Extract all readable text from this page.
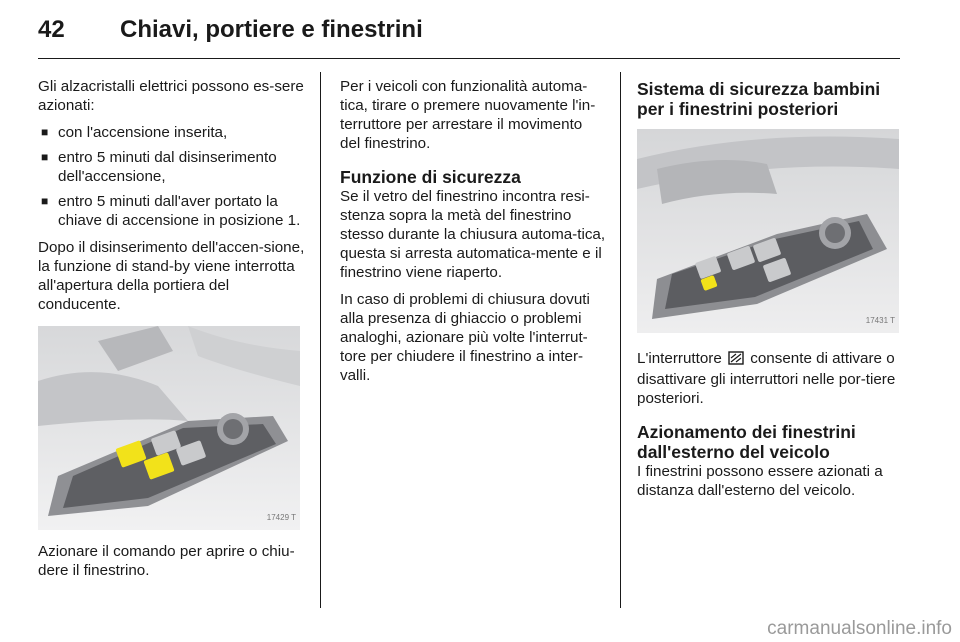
42 Chiavi, portiere e finestrini

Gli alzacristalli elettrici possono es-sere azionati:

■ con l'accensione inserita,
■ entro 5 minuti dal disinserimento dell'accensione,
■ entro 5 minuti dall'aver portato la chiave di accensione in posizione 1.

Dopo il disinserimento dell'accen-sione, la funzione di stand-by viene interrotta all'apertura della portiera del conducente.

17429 T

Azionare il comando per aprire o chiu-dere il finestrino.

Per i veicoli con funzionalità automa-tica, tirare o premere nuovamente l'in-terruttore per arrestare il movimento del finestrino.

Funzione di sicurezza

Se il vetro del finestrino incontra resi-stenza sopra la metà del finestrino stesso durante la chiusura automa-tica, questa si arresta automatica-mente e il finestrino viene riaperto.

In caso di problemi di chiusura dovuti alla presenza di ghiaccio o problemi analoghi, azionare più volte l'interrut-tore per chiudere il finestrino a inter-valli.

Sistema di sicurezza bambini per i finestrini posteriori
17431 T

L'interruttore consente di attivare o disattivare gli interruttori nelle por-tiere posteriori.

Azionamento dei finestrini dall'esterno del veicolo

I finestrini possono essere azionati a distanza dall'esterno del veicolo.

carmanualsonline.info
